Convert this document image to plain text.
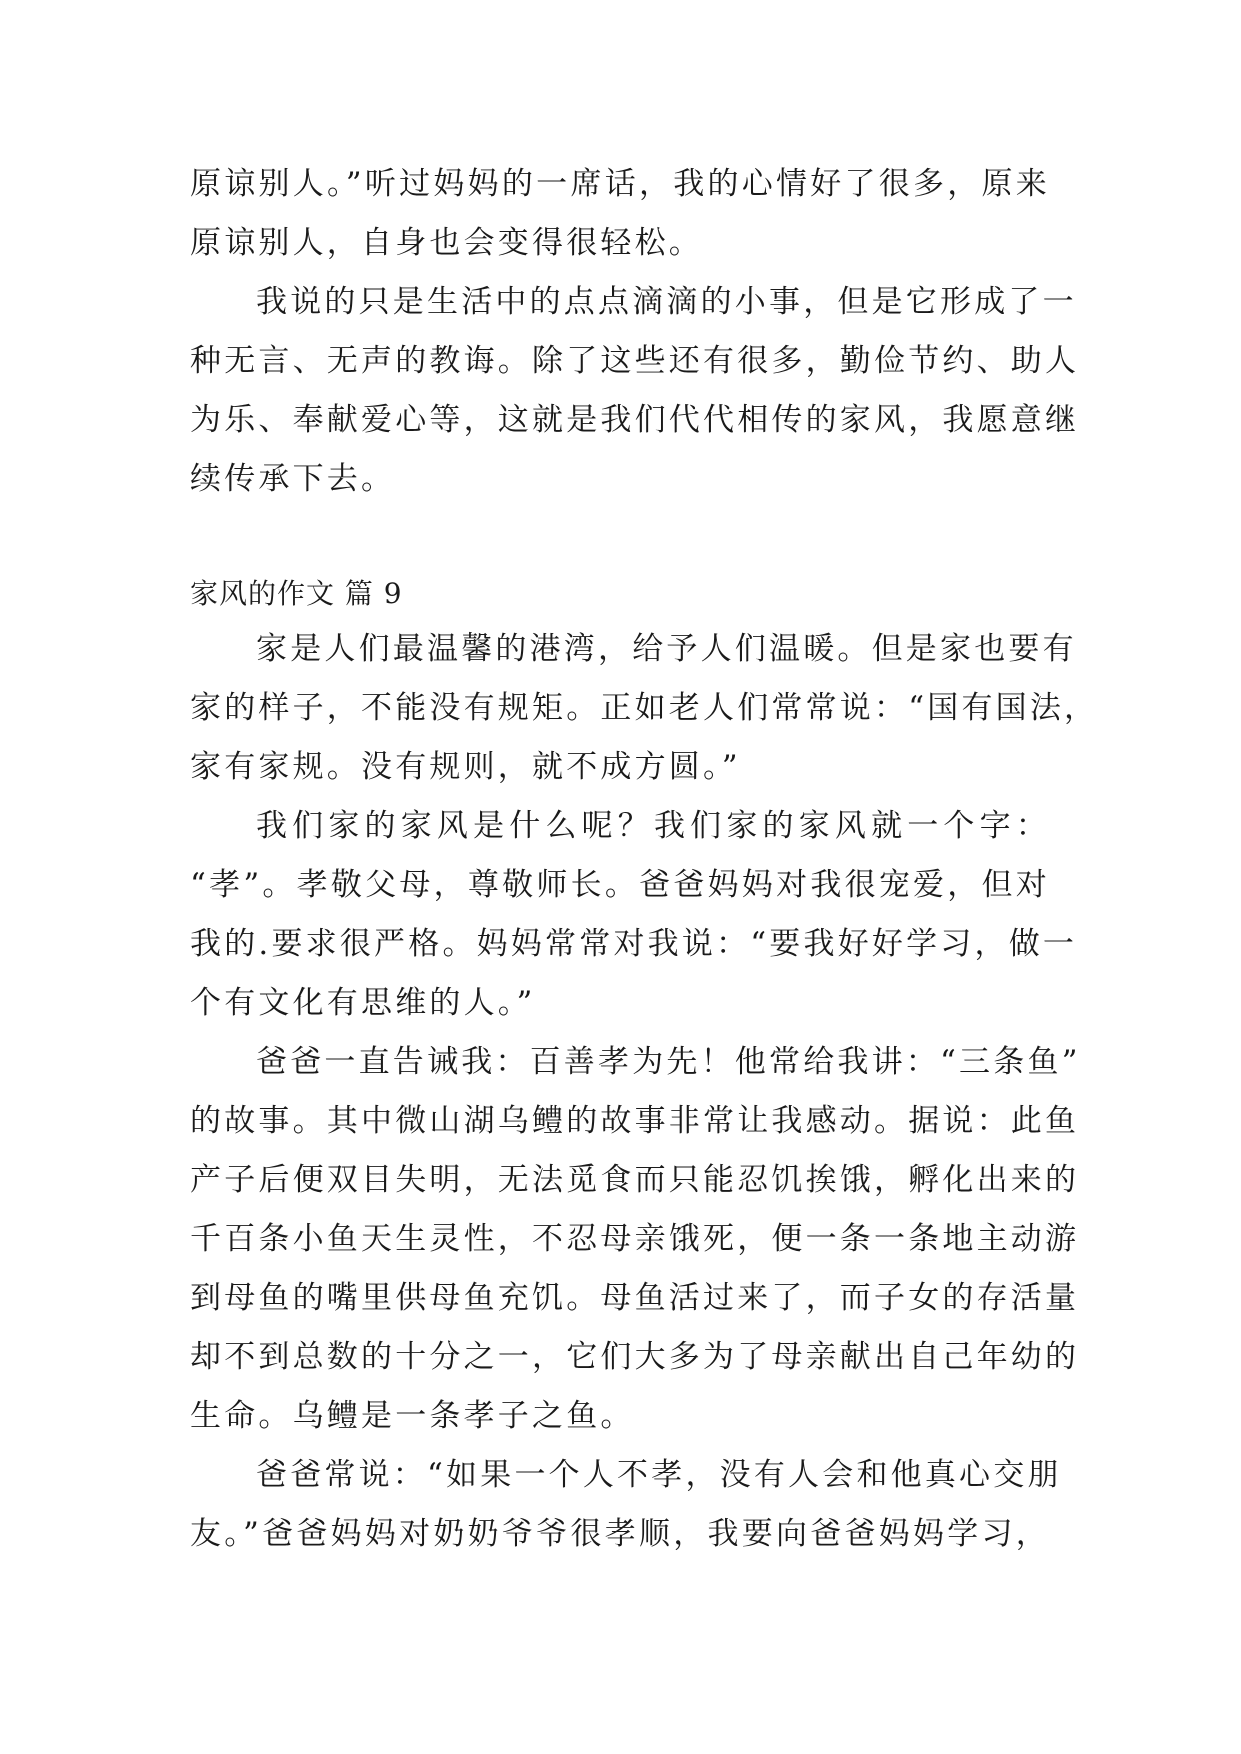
原谅别人。”听过妈妈的一席话，我的心情好了很多，原来
原谅别人，自身也会变得很轻松。
我说的只是生活中的点点滴滴的小事，但是它形成了一
种无言、无声的教诲。除了这些还有很多，勤俭节约、助人
为乐、奉献爱心等，这就是我们代代相传的家风，我愿意继
续传承下去。
家风的作文 篇 9
家是人们最温馨的港湾，给予人们温暖。但是家也要有
家的样子，不能没有规矩。正如老人们常常说：“国有国法，
家有家规。没有规则，就不成方圆。”
我们家的家风是什么呢？我们家的家风就一个字：
“孝”。孝敬父母，尊敬师长。爸爸妈妈对我很宠爱，但对
我的.要求很严格。妈妈常常对我说：“要我好好学习，做一
个有文化有思维的人。”
爸爸一直告诫我：百善孝为先！他常给我讲：“三条鱼”
的故事。其中微山湖乌鳢的故事非常让我感动。据说：此鱼
产子后便双目失明，无法觅食而只能忍饥挨饿，孵化出来的
千百条小鱼天生灵性，不忍母亲饿死，便一条一条地主动游
到母鱼的嘴里供母鱼充饥。母鱼活过来了，而子女的存活量
却不到总数的十分之一，它们大多为了母亲献出自己年幼的
生命。乌鳢是一条孝子之鱼。
爸爸常说：“如果一个人不孝，没有人会和他真心交朋
友。”爸爸妈妈对奶奶爷爷很孝顺，我要向爸爸妈妈学习，
